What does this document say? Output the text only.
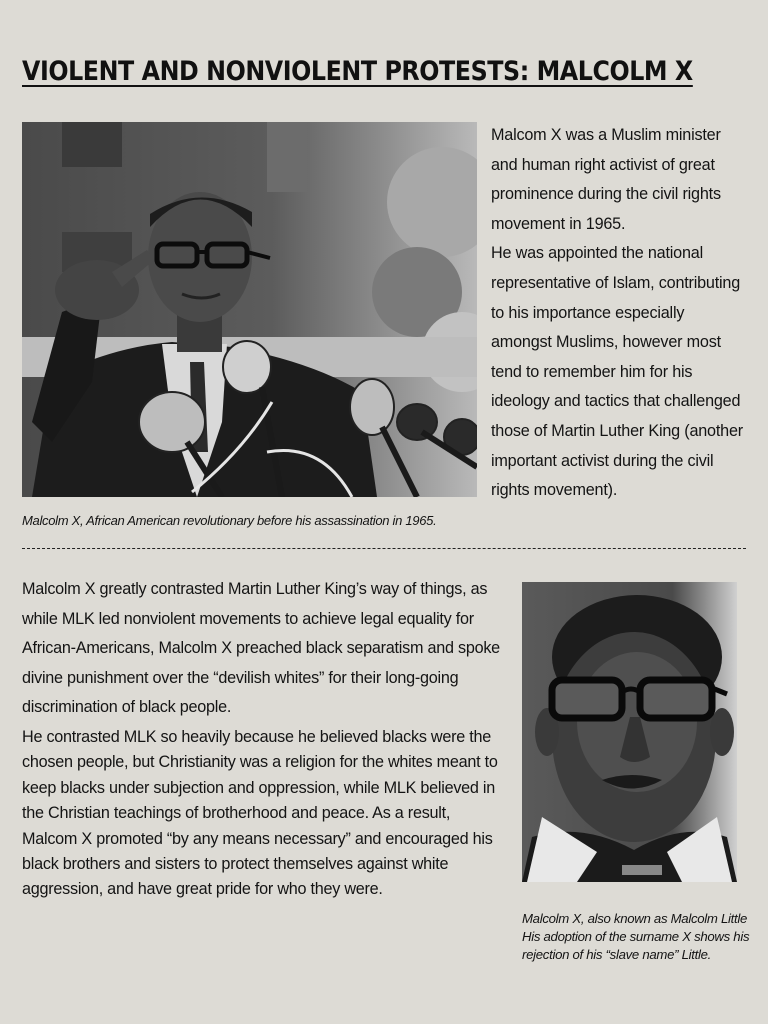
VIOLENT AND NONVIOLENT PROTESTS: MALCOLM X

Malcom X was a Muslim minister and human right activist of great prominence during the civil rights movement in 1965.

He was appointed the national representative of Islam, contributing to his importance especially amongst Muslims, however most tend to remember him for his ideology and tactics that challenged those of Martin Luther King (another important activist during the civil rights movement).

Malcolm X, African American revolutionary before his assassination in 1965.

Malcolm X greatly contrasted Martin Luther King’s way of things, as while MLK led nonviolent movements to achieve legal equality for African-Americans, Malcolm X preached black separatism and spoke divine punishment over the “devilish whites” for their long-going discrimination of black people.

He contrasted MLK so heavily because he believed blacks were the chosen people, but Christianity was a religion for the whites meant to keep blacks under subjection and oppression, while MLK believed in the Christian teachings of brotherhood and peace. As a result, Malcom X promoted “by any means necessary” and encouraged his black brothers and sisters to protect themselves against white aggression, and have great pride for who they were.

Malcolm X, also known as Malcolm Little
His adoption of the surname X shows his
rejection of his “slave name” Little.
